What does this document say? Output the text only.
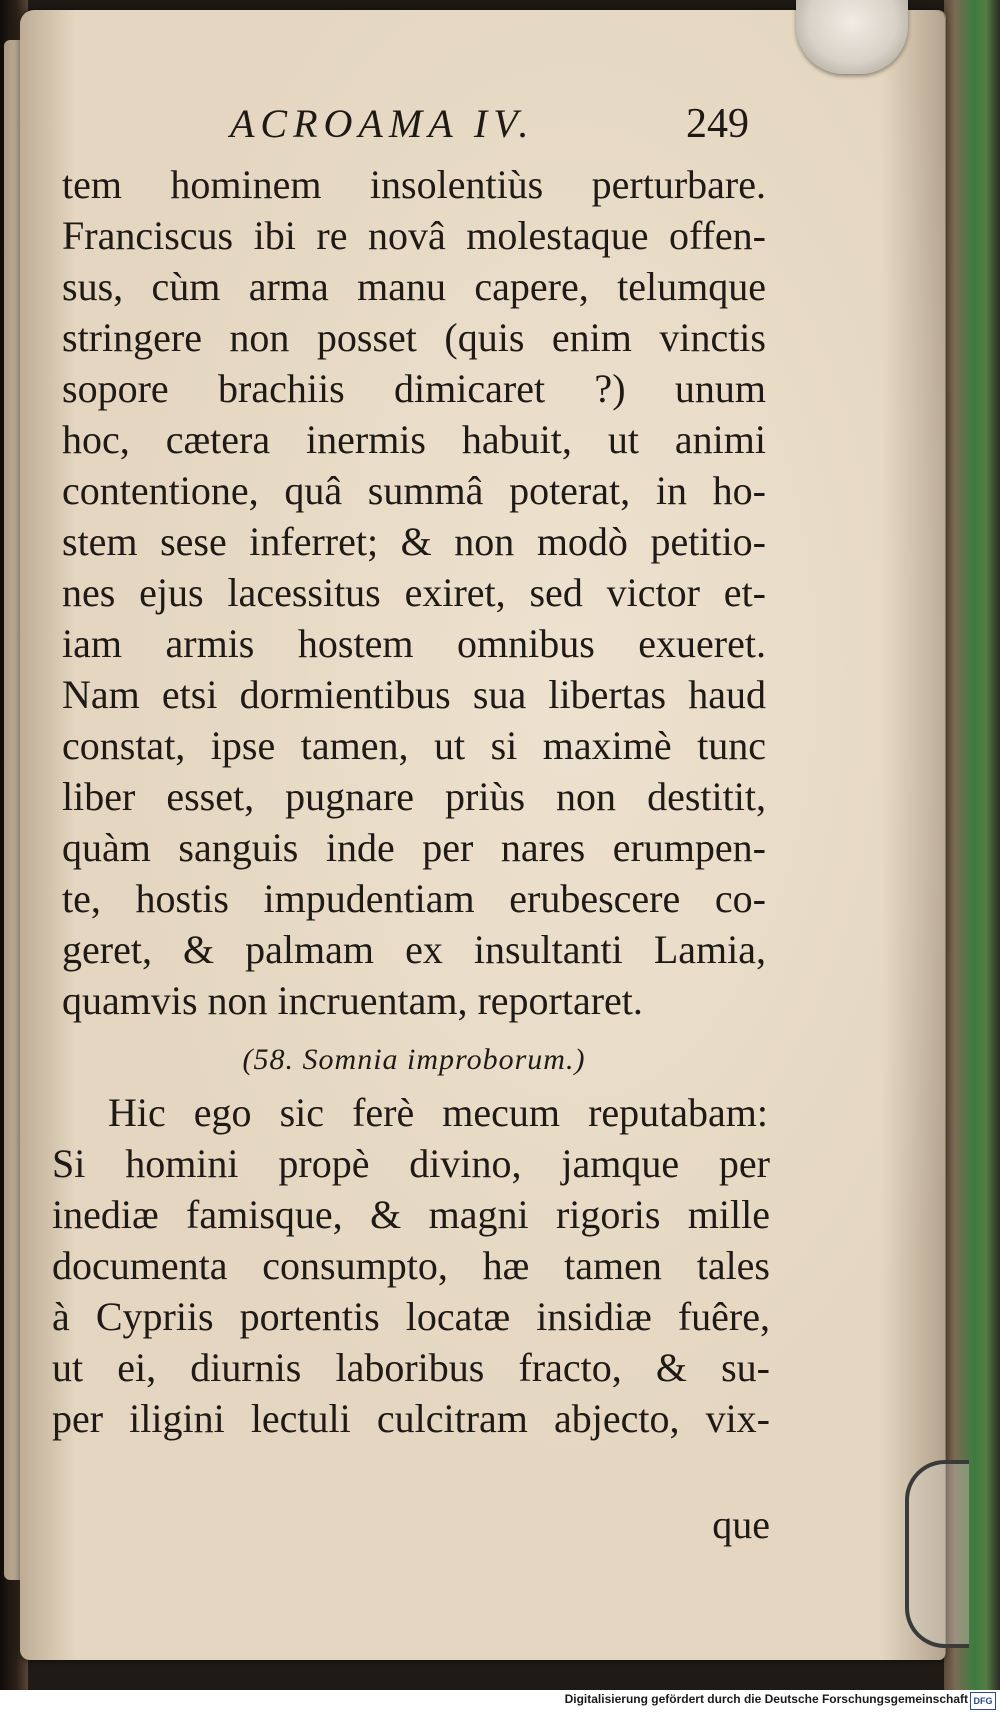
ACROAMA IV.	249
tem hominem insolentiùs perturbare.
Franciscus ibi re novâ molestaque offen-
sus, cùm arma manu capere, telumque
stringere non posset (quis enim vinctis
sopore brachiis dimicaret ?) unum
hoc, cætera inermis habuit, ut animi
contentione, quâ summâ poterat, in ho-
stem sese inferret; & non modò petitio-
nes ejus lacessitus exiret, sed victor et-
iam armis hostem omnibus exueret.
Nam etsi dormientibus sua libertas haud
constat, ipse tamen, ut si maximè tunc
liber esset, pugnare priùs non destitit,
quàm sanguis inde per nares erumpen-
te, hostis impudentiam erubescere co-
geret, & palmam ex insultanti Lamia,
quamvis non incruentam, reportaret.
(58. Somnia improborum.)
Hic ego sic ferè mecum reputabam:
Si homini propè divino, jamque per
inediæ famisque, & magni rigoris mille
documenta consumpto, hæ tamen tales
à Cypriis portentis locatæ insidiæ fuêre,
ut ei, diurnis laboribus fracto, & su-
per iligini lectuli culcitram abjecto, vix-
que
Digitalisierung gefördert durch die Deutsche Forschungsgemeinschaft DFG
